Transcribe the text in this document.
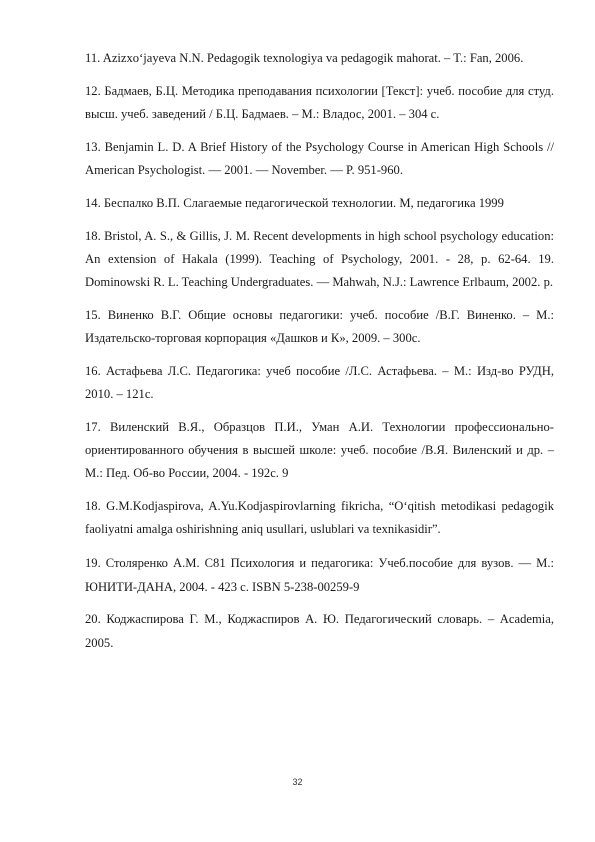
11. Azizxo‘jayeva N.N. Pedagogik texnologiya va pedagogik mahorat. – T.: Fan, 2006.

12. Бадмаев, Б.Ц. Методика преподавания психологии [Текст]: учеб. пособие для студ. высш. учеб. заведений / Б.Ц. Бадмаев. – М.: Владос, 2001. – 304 с.

13. Benjamin L. D. A Brief History of the Psychology Course in American High Schools // American Psychologist. — 2001. — November. — P. 951-960.

14. Беспалко В.П. Слагаемые педагогической технологии. М, педагогика 1999

18. Bristol, A. S., & Gillis, J. M. Recent developments in high school psychology education: An extension of Hakala (1999). Teaching of Psychology, 2001. - 28, p. 62-64. 19. Dominowski R. L. Teaching Undergraduates. — Mahwah, N.J.: Lawrence Erlbaum, 2002. p.

15. Виненко В.Г. Общие основы педагогики: учеб. пособие /В.Г. Виненко. – М.: Издательско-торговая корпорация «Дашков и К», 2009. – 300с.

16. Астафьева Л.С. Педагогика: учеб пособие /Л.С. Астафьева. – М.: Изд-во РУДН, 2010. – 121с.

17. Виленский В.Я., Образцов П.И., Уман А.И. Технологии профессионально- ориентированного обучения в высшей школе: учеб. пособие /В.Я. Виленский и др. – М.: Пед. Об-во России, 2004. - 192с. 9

18. G.M.Kodjaspirova, A.Yu.Kodjaspirovlarning fikricha, “O‘qitish metodikasi pedagogik faoliyatni amalga oshirishning aniq usullari, uslublari va texnikasidir”.

19. Столяренко А.М. С81 Психология и педагогика: Учеб.пособие для вузов. — М.: ЮНИТИ-ДАНА, 2004. - 423 с. ISBN 5-238-00259-9

20. Коджаспирова Г. М., Коджаспиров А. Ю. Педагогический словарь. – Academia, 2005.

32
